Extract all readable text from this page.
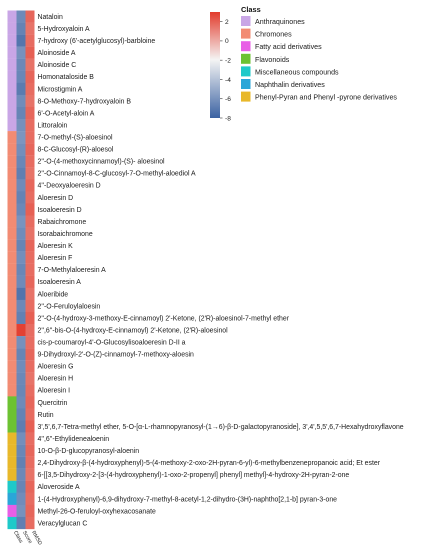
Nataloin
5-Hydroxyaloin A
7-hydroxy (6'-acetylglucosyl)-barbloine
Aloinoside A
Aloinoside C
Homonataloside B
Microstigmin A
8-O-Methoxy-7-hydroxyaloin B
6'-O-Acetyl-aloin A
Littoraloin
7-O-methyl-(S)-aloesinol
8-C-Glucosyl-(R)-aloesol
2''-O-(4-methoxycinnamoyl)-(S)- aloesinol
2''-O-Cinnamoyl-8-C-glucosyl-7-O-methyl-aloediol A
4''-Deoxyaloeresin D
Aloeresin D
Isoaloeresin D
Rabaichromone
Isorabaichromone
Aloeresin K
Aloeresin F
7-O-Methylaloeresin A
Isoaloeresin A
Aloeribide
2''-O-Feruloylaloesin
2''-O-(4-hydroxy-3-methoxy-E-cinnamoyl) 2'-Ketone, (2'R)-aloesinol-7-methyl ether
2'',6''-bis-O-(4-hydroxy-E-cinnamoyl) 2'-Ketone, (2'R)-aloesinol
cis-p-coumaroyl-4'-O-Glucosylisoaloeresin D-II a
9-Dihydroxyl-2'-O-(Z)-cinnamoyl-7-methoxy-aloesin
Aloeresin G
Aloeresin H
Aloeresin I
Quercitrin
Rutin
3',5',6,7-Tetra-methyl ether, 5-O-[α-L-rhamnopyranosyl-(1→6)-β-D-galactopyranoside], 3',4',5,5',6,7-Hexahydroxyflavone
4'',6''-Ethylidenealoenin
10-O-β-D-glucopyranosyl-aloenin
2,4-Dihydroxy-β-(4-hydroxyphenyl)-5-(4-methoxy-2-oxo-2H-pyran-6-yl)-6-methylbenzenepropanoic acid; Et ester
6-[[3,5-Dihydroxy-2-[3-(4-hydroxyphenyl)-1-oxo-2-propenyl] phenyl] methyl]-4-hydroxy-2H-pyran-2-one
Aloveroside A
1-(4-Hydroxyphenyl)-6,9-dihydroxy-7-methyl-8-acetyl-1,2-dihydro-(3H)-naphtho[2,1-b] pyran-3-one
Methyl-26-O-feruloyl-oxyhexacosanate
Veracylglucan C
Class
Score
RMSD
2
0
-2
-4
-6
-8
Class
Anthraquinones
Chromones
Fatty acid derivatives
Flavonoids
Miscellaneous compounds
Naphthalin derivatives
Phenyl-Pyran and Phenyl -pyrone derivatives
